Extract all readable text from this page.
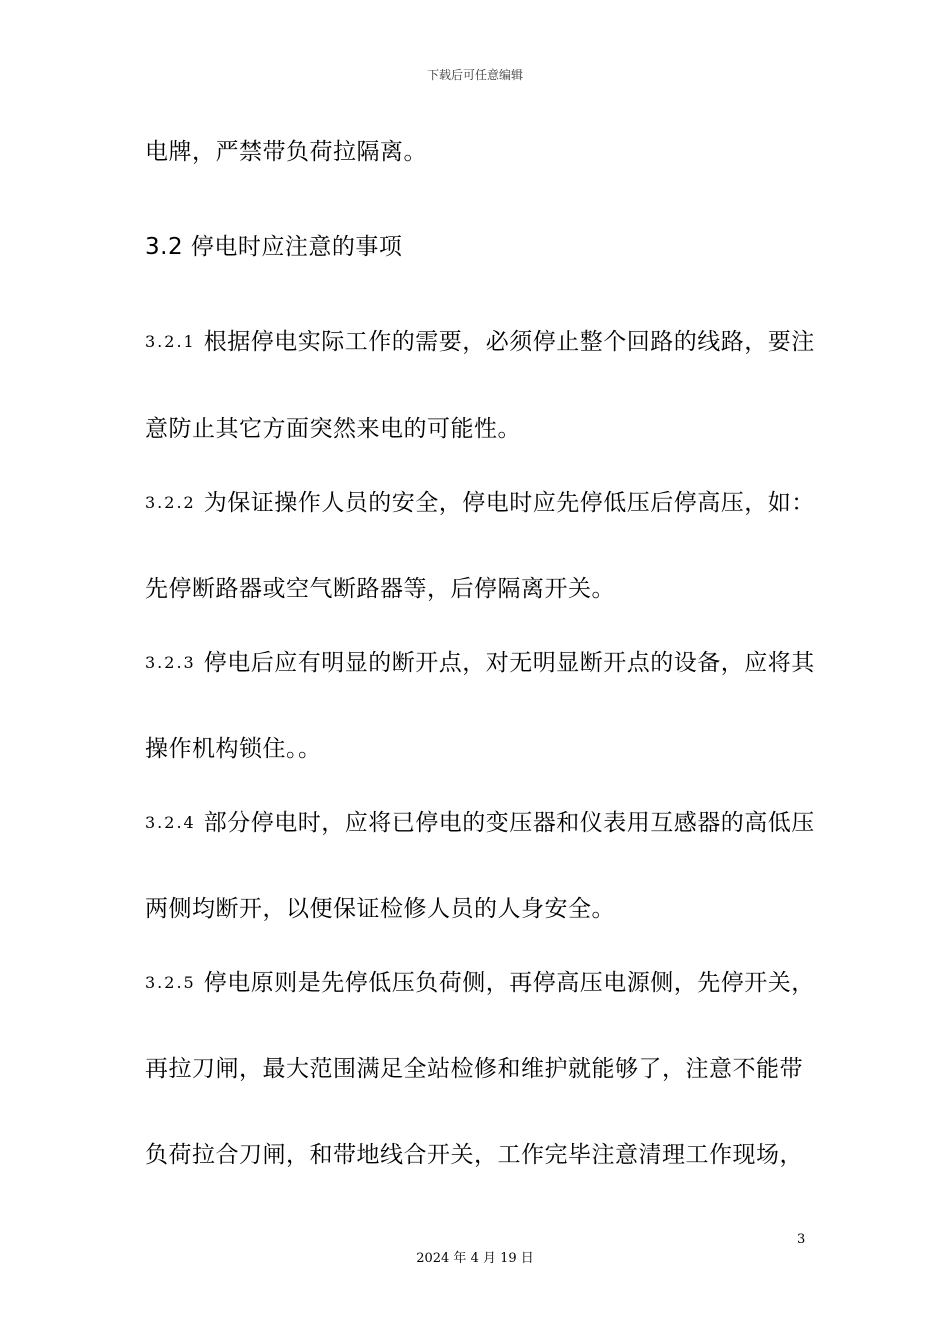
下载后可任意编辑
电牌，严禁带负荷拉隔离。
3.2 停电时应注意的事项
3.2.1 根据停电实际工作的需要，必须停止整个回路的线路，要注
意防止其它方面突然来电的可能性。
3.2.2 为保证操作人员的安全，停电时应先停低压后停高压，如：
先停断路器或空气断路器等，后停隔离开关。
3.2.3 停电后应有明显的断开点，对无明显断开点的设备，应将其
操作机构锁住。。
3.2.4 部分停电时，应将已停电的变压器和仪表用互感器的高低压
两侧均断开，以便保证检修人员的人身安全。
3.2.5 停电原则是先停低压负荷侧，再停高压电源侧，先停开关，
再拉刀闸，最大范围满足全站检修和维护就能够了，注意不能带
负荷拉合刀闸，和带地线合开关，工作完毕注意清理工作现场，
3
2024 年 4 月 19 日
